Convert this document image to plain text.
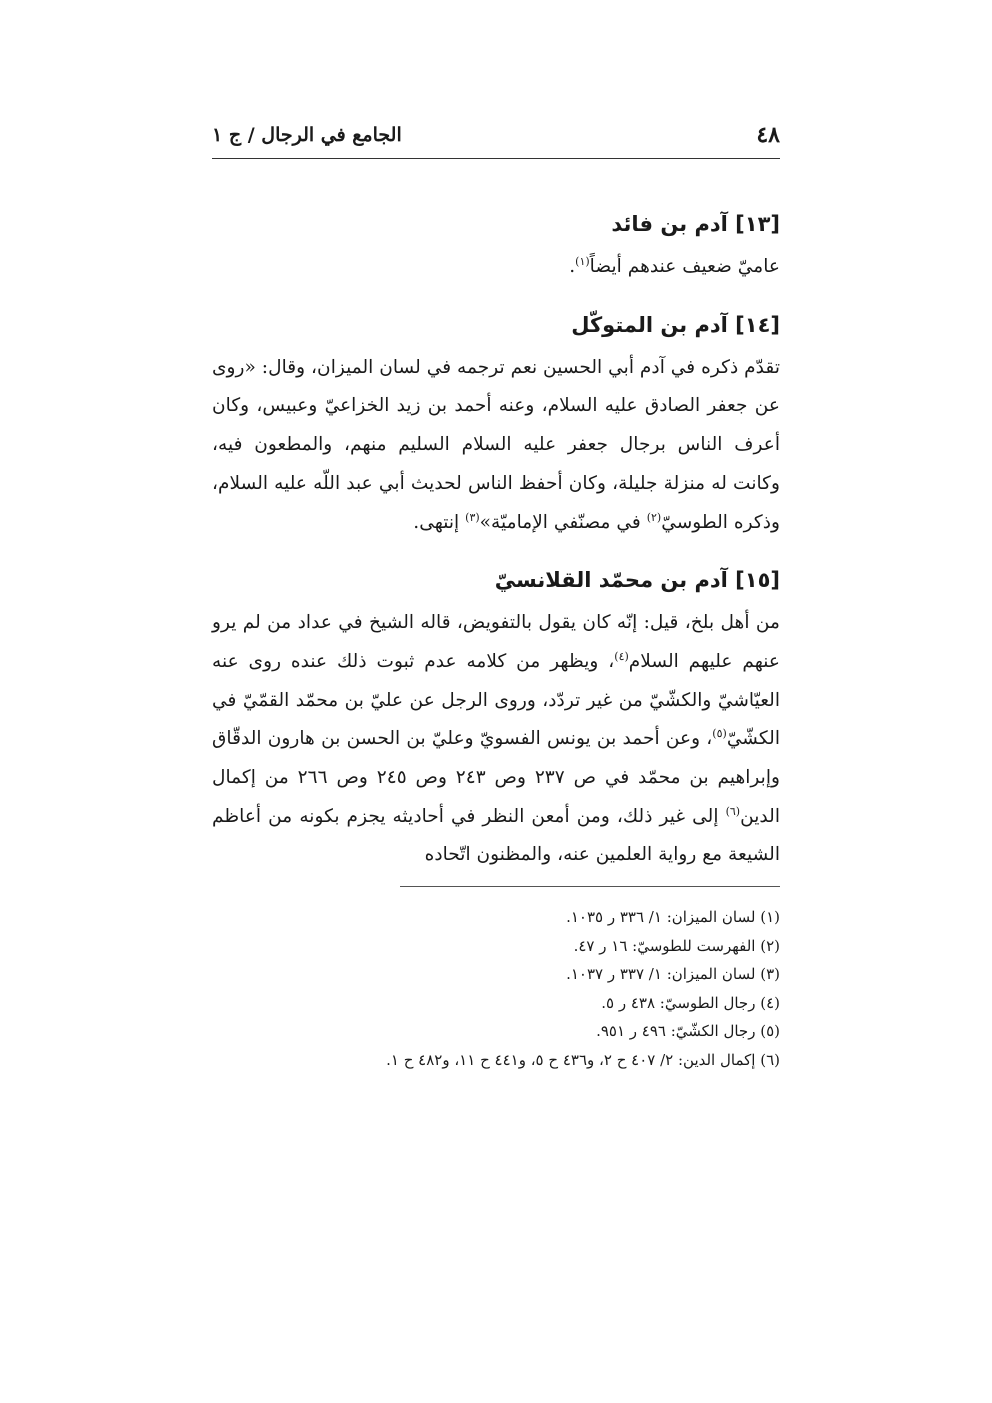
٤٨
الجامع في الرجال / ج ١

[١٣] آدم بن فائد

عاميّ ضعيف عندهم أيضاً$^{(١)}$.

[١٤] آدم بن المتوكّل

تقدّم ذكره في آدم أبي الحسين نعم ترجمه في لسان الميزان، وقال: «روى عن جعفر الصادق عليه السلام، وعنه أحمد بن زيد الخزاعيّ وعبيس، وكان أعرف الناس برجال جعفر عليه السلام السليم منهم، والمطعون فيه، وكانت له منزلة جليلة، وكان أحفظ الناس لحديث أبي عبد اللّه عليه السلام، وذكره الطوسيّ$^{(٢)}$ في مصنّفي الإماميّة»$^{(٣)}$ إنتهى.

[١٥] آدم بن محمّد القلانسيّ

من أهل بلخ، قيل: إنّه كان يقول بالتفويض، قاله الشيخ في عداد من لم يرو عنهم عليهم السلام$^{(٤)}$، ويظهر من كلامه عدم ثبوت ذلك عنده روى عنه العيّاشيّ والكشّيّ من غير تردّد، وروى الرجل عن عليّ بن محمّد القمّيّ في الكشّيّ$^{(٥)}$، وعن أحمد بن يونس الفسويّ وعليّ بن الحسن بن هارون الدقّاق وإبراهيم بن محمّد في ص ٢٣٧ وص ٢٤٣ وص ٢٤٥ وص ٢٦٦ من إكمال الدين$^{(٦)}$ إلى غير ذلك، ومن أمعن النظر في أحاديثه يجزم بكونه من أعاظم الشيعة مع رواية العلمين عنه، والمظنون اتّحاده

(١) لسان الميزان: ١/ ٣٣٦ ر ١٠٣٥.
(٢) الفهرست للطوسيّ: ١٦ ر ٤٧.
(٣) لسان الميزان: ١/ ٣٣٧ ر ١٠٣٧.
(٤) رجال الطوسيّ: ٤٣٨ ر ٥.
(٥) رجال الكشّيّ: ٤٩٦ ر ٩٥١.
(٦) إكمال الدين: ٢/ ٤٠٧ ح ٢، و٤٣٦ ح ٥، و٤٤١ ح ١١، و٤٨٢ ح ١.
